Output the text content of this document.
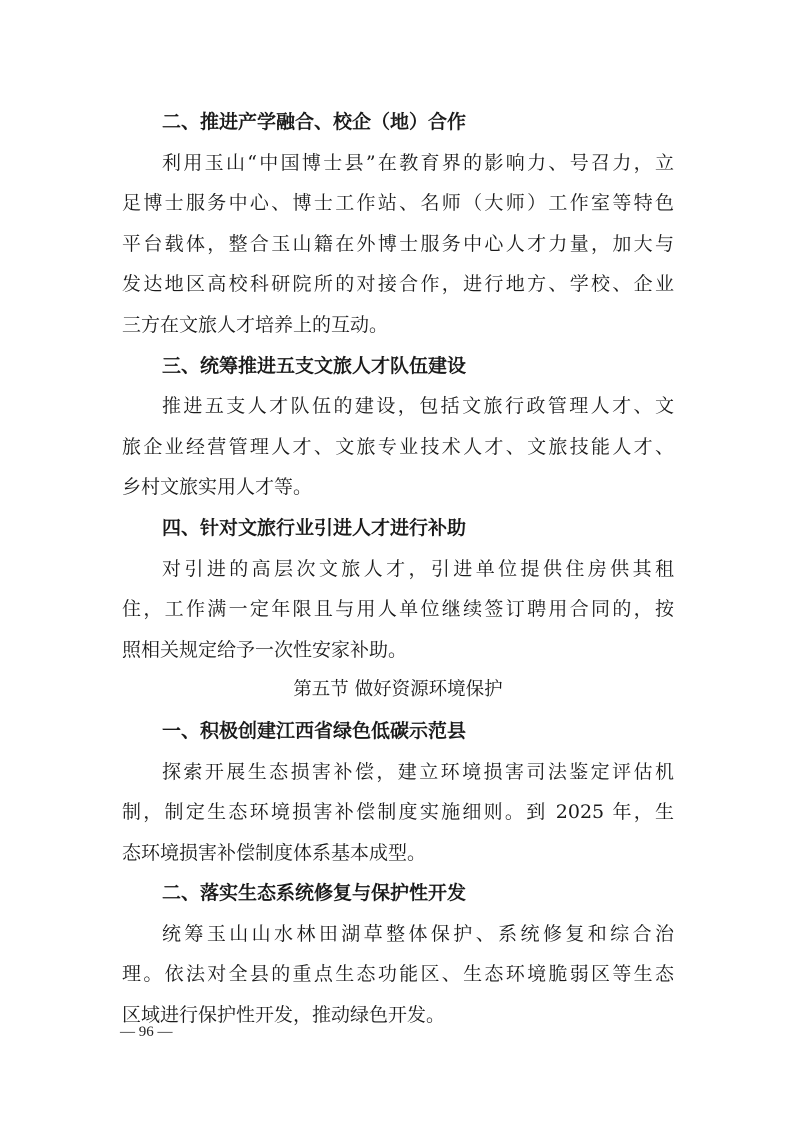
二、推进产学融合、校企（地）合作
利用玉山“中国博士县”在教育界的影响力、号召力，立
足博士服务中心、博士工作站、名师（大师）工作室等特色
平台载体，整合玉山籍在外博士服务中心人才力量，加大与
发达地区高校科研院所的对接合作，进行地方、学校、企业
三方在文旅人才培养上的互动。
三、统筹推进五支文旅人才队伍建设
推进五支人才队伍的建设，包括文旅行政管理人才、文
旅企业经营管理人才、文旅专业技术人才、文旅技能人才、
乡村文旅实用人才等。
四、针对文旅行业引进人才进行补助
对引进的高层次文旅人才，引进单位提供住房供其租
住，工作满一定年限且与用人单位继续签订聘用合同的，按
照相关规定给予一次性安家补助。
第五节 做好资源环境保护
一、积极创建江西省绿色低碳示范县
探索开展生态损害补偿，建立环境损害司法鉴定评估机
制，制定生态环境损害补偿制度实施细则。到 2025 年，生
态环境损害补偿制度体系基本成型。
二、落实生态系统修复与保护性开发
统筹玉山山水林田湖草整体保护、系统修复和综合治
理。依法对全县的重点生态功能区、生态环境脆弱区等生态
区域进行保护性开发，推动绿色开发。
— 96 —
